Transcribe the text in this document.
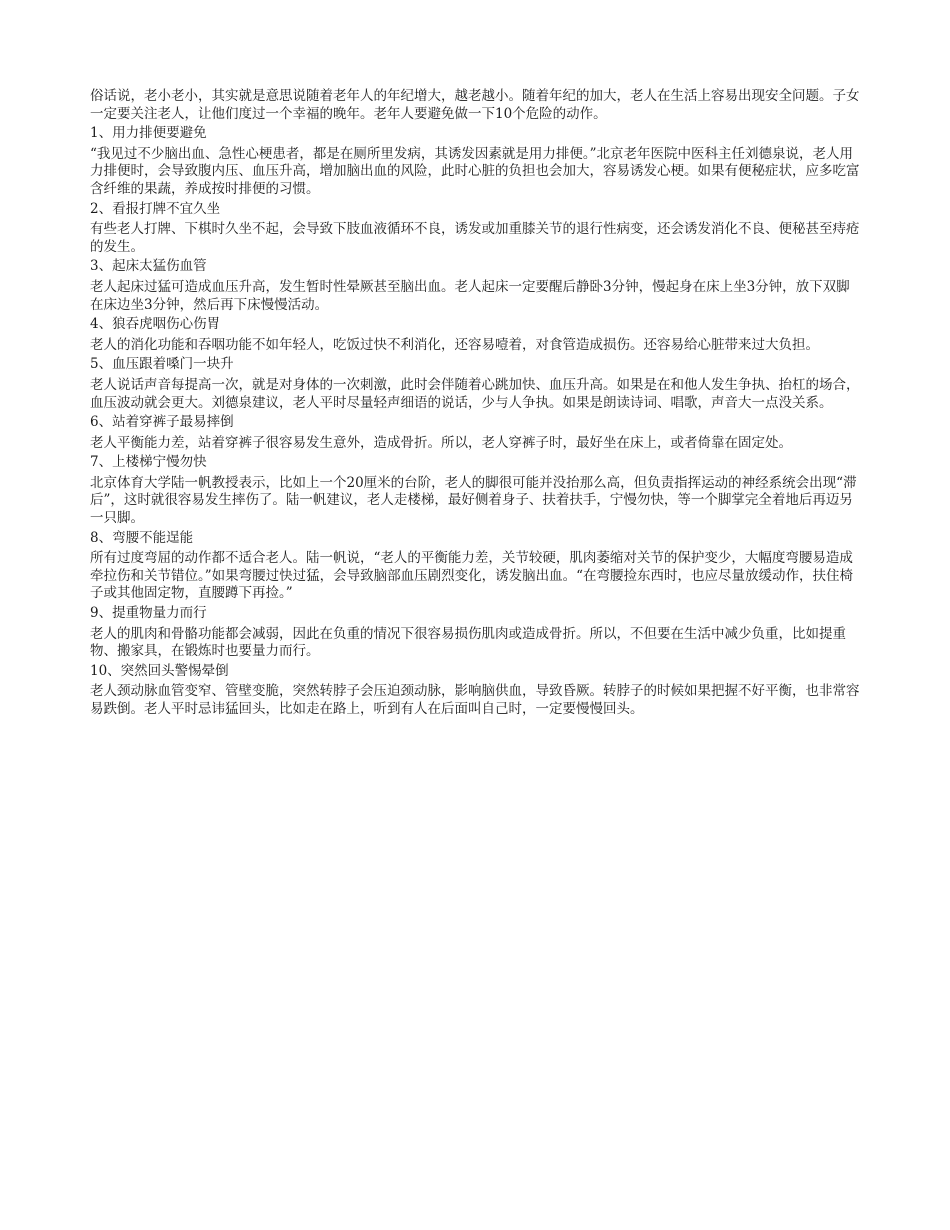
俗话说，老小老小，其实就是意思说随着老年人的年纪增大，越老越小。随着年纪的加大，老人在生活上容易出现安全问题。子女一定要关注老人，让他们度过一个幸福的晚年。老年人要避免做一下10个危险的动作。

1、用力排便要避免

“我见过不少脑出血、急性心梗患者，都是在厕所里发病，其诱发因素就是用力排便。”北京老年医院中医科主任刘德泉说，老人用力排便时，会导致腹内压、血压升高，增加脑出血的风险，此时心脏的负担也会加大，容易诱发心梗。如果有便秘症状，应多吃富含纤维的果蔬，养成按时排便的习惯。

2、看报打牌不宜久坐

有些老人打牌、下棋时久坐不起，会导致下肢血液循环不良，诱发或加重膝关节的退行性病变，还会诱发消化不良、便秘甚至痔疮的发生。

3、起床太猛伤血管

老人起床过猛可造成血压升高，发生暂时性晕厥甚至脑出血。老人起床一定要醒后静卧3分钟，慢起身在床上坐3分钟，放下双脚在床边坐3分钟，然后再下床慢慢活动。

4、狼吞虎咽伤心伤胃

老人的消化功能和吞咽功能不如年轻人，吃饭过快不利消化，还容易噎着，对食管造成损伤。还容易给心脏带来过大负担。

5、血压跟着嗓门一块升

老人说话声音每提高一次，就是对身体的一次刺激，此时会伴随着心跳加快、血压升高。如果是在和他人发生争执、抬杠的场合，血压波动就会更大。刘德泉建议，老人平时尽量轻声细语的说话，少与人争执。如果是朗读诗词、唱歌，声音大一点没关系。

6、站着穿裤子最易摔倒

老人平衡能力差，站着穿裤子很容易发生意外，造成骨折。所以，老人穿裤子时，最好坐在床上，或者倚靠在固定处。

7、上楼梯宁慢勿快

北京体育大学陆一帆教授表示，比如上一个20厘米的台阶，老人的脚很可能并没抬那么高，但负责指挥运动的神经系统会出现“滞后”，这时就很容易发生摔伤了。陆一帆建议，老人走楼梯，最好侧着身子、扶着扶手，宁慢勿快，等一个脚掌完全着地后再迈另一只脚。

8、弯腰不能逞能

所有过度弯屈的动作都不适合老人。陆一帆说，“老人的平衡能力差，关节较硬，肌肉萎缩对关节的保护变少，大幅度弯腰易造成牵拉伤和关节错位。”如果弯腰过快过猛，会导致脑部血压剧烈变化，诱发脑出血。“在弯腰捡东西时，也应尽量放缓动作，扶住椅子或其他固定物，直腰蹲下再捡。”

9、提重物量力而行

老人的肌肉和骨骼功能都会减弱，因此在负重的情况下很容易损伤肌肉或造成骨折。所以，不但要在生活中减少负重，比如提重物、搬家具，在锻炼时也要量力而行。

10、突然回头警惕晕倒

老人颈动脉血管变窄、管壁变脆，突然转脖子会压迫颈动脉，影响脑供血，导致昏厥。转脖子的时候如果把握不好平衡，也非常容易跌倒。老人平时忌讳猛回头，比如走在路上，听到有人在后面叫自己时，一定要慢慢回头。
